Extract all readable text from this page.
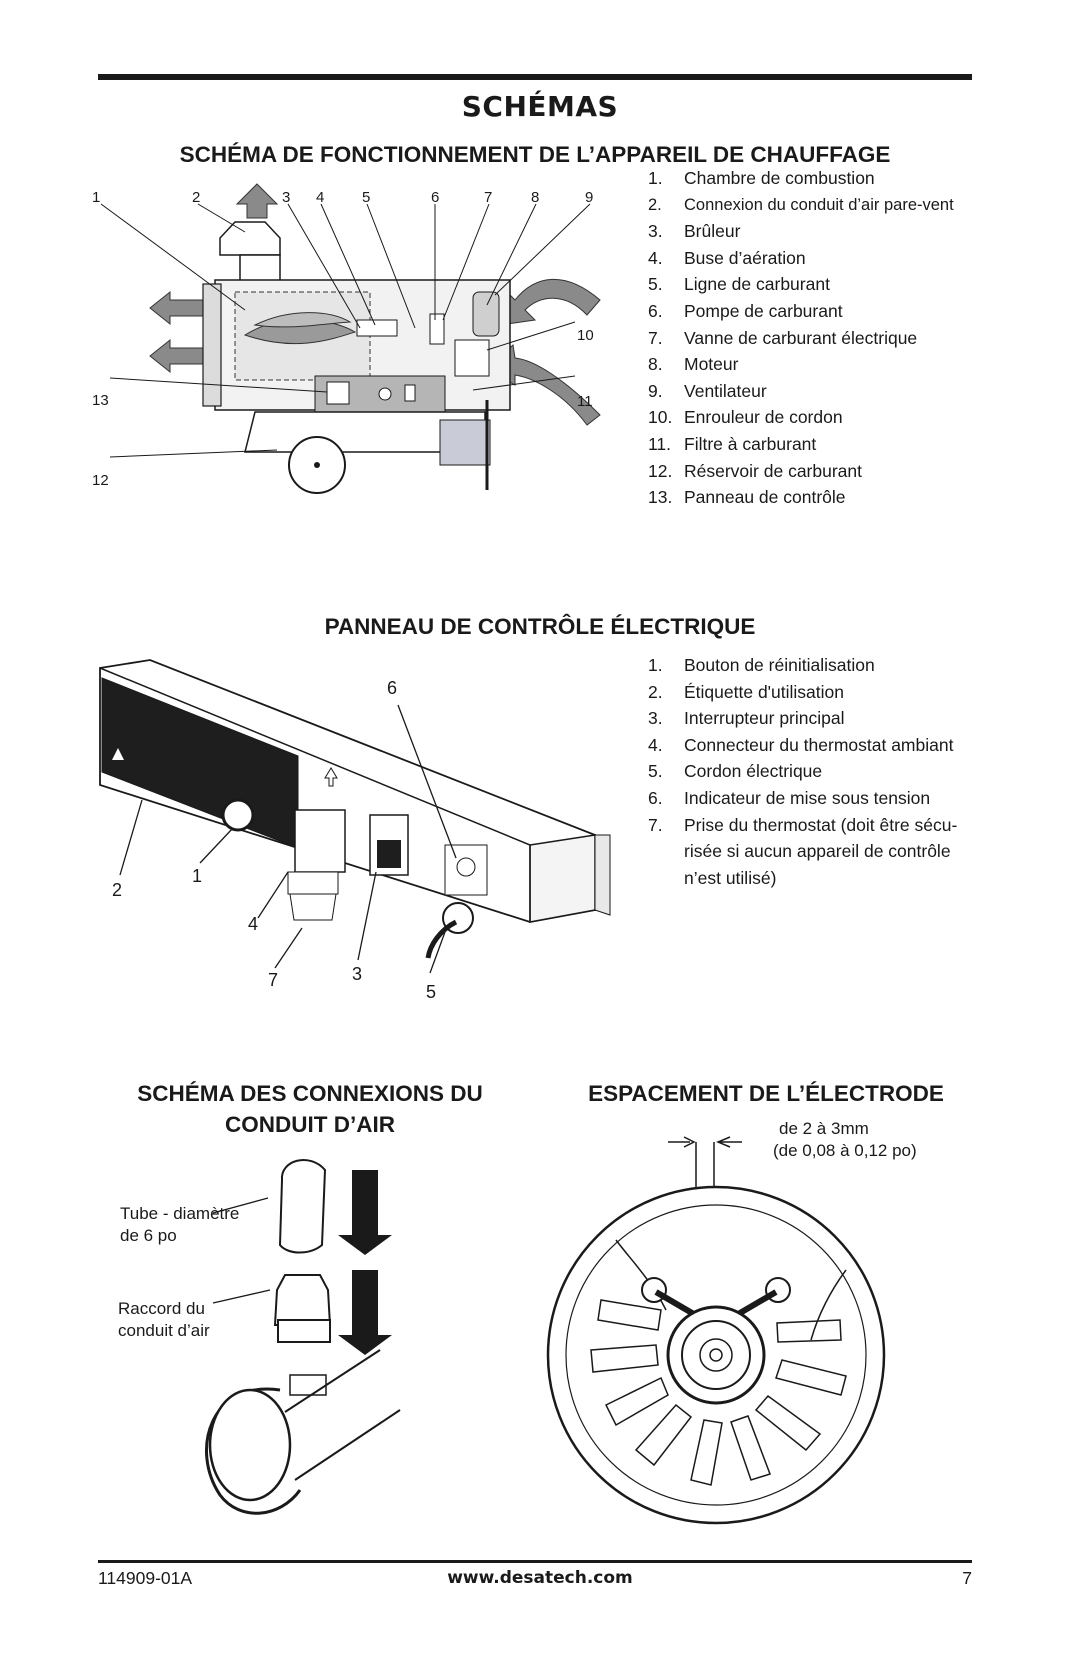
SCHÉMAS
SCHÉMA DE FONCTIONNEMENT DE L’APPAREIL DE CHAUFFAGE
1	2	3 4	5	6	7	8	9
10
11
12
13
1. Chambre de combustion
2. Connexion du conduit d’air pare-vent
3. Brûleur
4. Buse d’aération
5. Ligne de carburant
6. Pompe de carburant
7. Vanne de carburant électrique
8. Moteur
9. Ventilateur
10. Enrouleur de cordon
11. Filtre à carburant
12. Réservoir de carburant
13. Panneau de contrôle
PANNEAU DE CONTRÔLE ÉLECTRIQUE
2
1
4
7	3
5
6
1. Bouton de réinitialisation
2. Étiquette d'utilisation
3. Interrupteur principal
4. Connecteur du thermostat ambiant
5. Cordon électrique
6. Indicateur de mise sous tension
7. Prise du thermostat (doit être sécu-risée si aucun appareil de contrôle n’est utilisé)
SCHÉMA DES CONNEXIONS DU CONDUIT D’AIR
Tube - diamètre de 6 po
Raccord du conduit d’air
ESPACEMENT DE L’ÉLECTRODE
de 2 à 3mm
(de 0,08 à 0,12 po)
114909-01A	www.desatech.com	7
